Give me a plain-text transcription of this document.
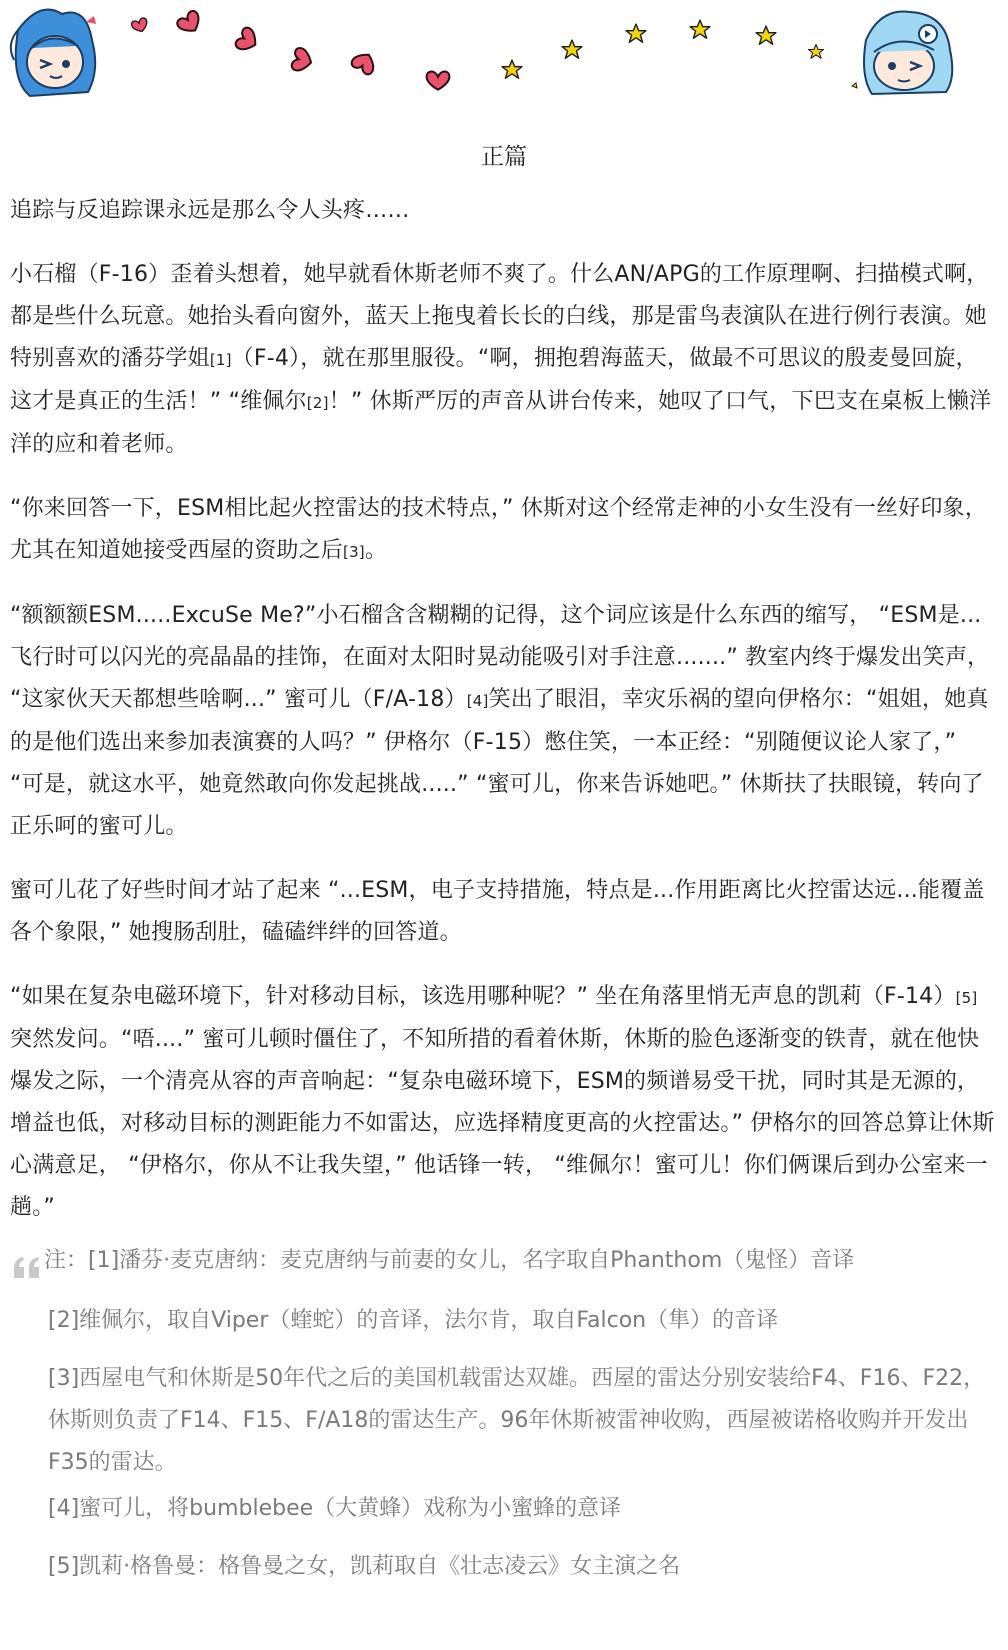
正篇

追踪与反追踪课永远是那么令人头疼……

小石榴（F-16）歪着头想着，她早就看休斯老师不爽了。什么AN/APG的工作原理啊、扫描模式啊，都是些什么玩意。她抬头看向窗外，蓝天上拖曳着长长的白线，那是雷鸟表演队在进行例行表演。她特别喜欢的潘芬学姐[1]（F-4），就在那里服役。“啊，拥抱碧海蓝天，做最不可思议的殷麦曼回旋，这才是真正的生活！” “维佩尔[2]！” 休斯严厉的声音从讲台传来，她叹了口气，下巴支在桌板上懒洋洋的应和着老师。

“你来回答一下，ESM相比起火控雷达的技术特点，” 休斯对这个经常走神的小女生没有一丝好印象，尤其在知道她接受西屋的资助之后[3]。

“额额额ESM.....ExcuSe Me?”小石榴含含糊糊的记得，这个词应该是什么东西的缩写， “ESM是...飞行时可以闪光的亮晶晶的挂饰，在面对太阳时晃动能吸引对手注意.......” 教室内终于爆发出笑声， “这家伙天天都想些啥啊...” 蜜可儿（F/A-18）[4]笑出了眼泪，幸灾乐祸的望向伊格尔：“姐姐，她真的是他们选出来参加表演赛的人吗？” 伊格尔（F-15）憋住笑，一本正经：“别随便议论人家了，” “可是，就这水平，她竟然敢向你发起挑战.....” “蜜可儿，你来告诉她吧。” 休斯扶了扶眼镜，转向了正乐呵的蜜可儿。

蜜可儿花了好些时间才站了起来 “...ESM，电子支持措施，特点是...作用距离比火控雷达远...能覆盖各个象限，” 她搜肠刮肚，磕磕绊绊的回答道。

“如果在复杂电磁环境下，针对移动目标，该选用哪种呢？” 坐在角落里悄无声息的凯莉（F-14）[5]突然发问。“唔....” 蜜可儿顿时僵住了，不知所措的看着休斯，休斯的脸色逐渐变的铁青，就在他快爆发之际，一个清亮从容的声音响起：“复杂电磁环境下，ESM的频谱易受干扰，同时其是无源的，增益也低，对移动目标的测距能力不如雷达，应选择精度更高的火控雷达。” 伊格尔的回答总算让休斯心满意足， “伊格尔，你从不让我失望，” 他话锋一转， “维佩尔！蜜可儿！你们俩课后到办公室来一趟。”

注：[1]潘芬·麦克唐纳：麦克唐纳与前妻的女儿，名字取自Phanthom（鬼怪）音译

[2]维佩尔，取自Viper（蝰蛇）的音译，法尔肯，取自Falcon（隼）的音译

[3]西屋电气和休斯是50年代之后的美国机载雷达双雄。西屋的雷达分别安装给F4、F16、F22，休斯则负责了F14、F15、F/A18的雷达生产。96年休斯被雷神收购，西屋被诺格收购并开发出F35的雷达。

[4]蜜可儿，将bumblebee（大黄蜂）戏称为小蜜蜂的意译

[5]凯莉·格鲁曼：格鲁曼之女，凯莉取自《壮志凌云》女主演之名
